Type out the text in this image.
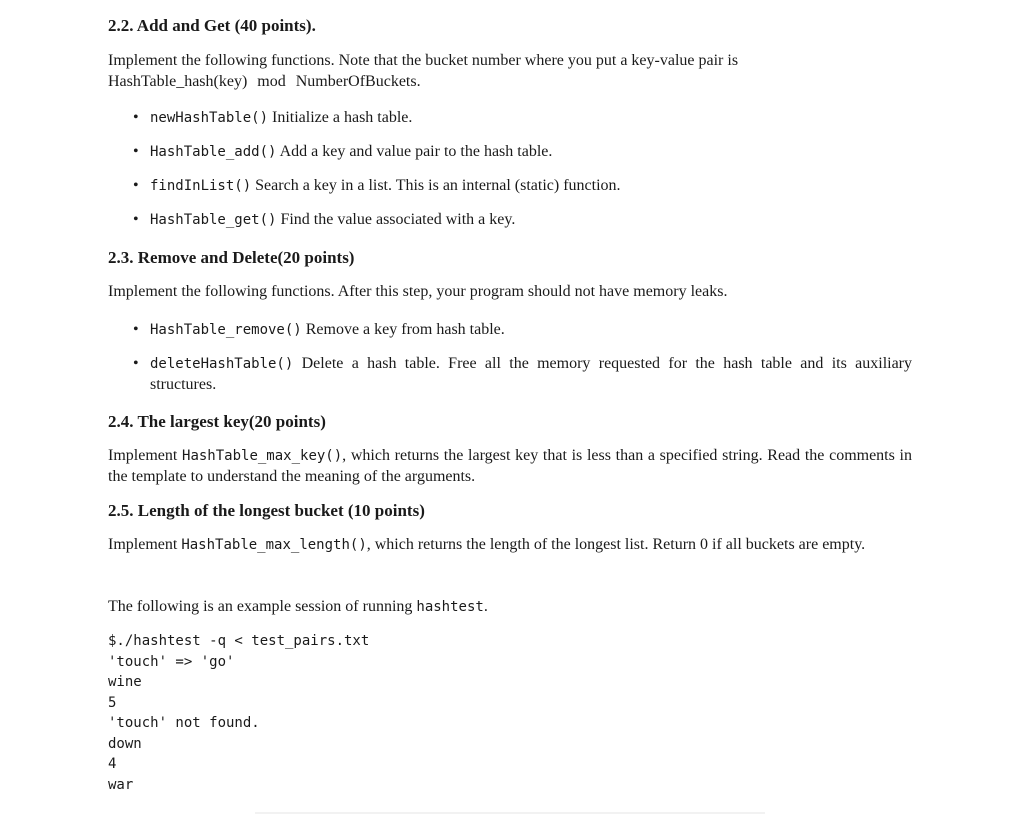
2.2. Add and Get (40 points).
Implement the following functions. Note that the bucket number where you put a key-value pair is
HashTable_hash(key) mod NumberOfBuckets.
• newHashTable() Initialize a hash table.
• HashTable_add() Add a key and value pair to the hash table.
• findInList() Search a key in a list. This is an internal (static) function.
• HashTable_get() Find the value associated with a key.
2.3. Remove and Delete(20 points)
Implement the following functions. After this step, your program should not have memory leaks.
• HashTable_remove() Remove a key from hash table.
• deleteHashTable() Delete a hash table. Free all the memory requested for the hash table and its auxiliary structures.
2.4. The largest key(20 points)
Implement HashTable_max_key(), which returns the largest key that is less than a specified string. Read the comments in the template to understand the meaning of the arguments.
2.5. Length of the longest bucket (10 points)
Implement HashTable_max_length(), which returns the length of the longest list. Return 0 if all buckets are empty.
The following is an example session of running hashtest.
$./hashtest -q < test_pairs.txt
'touch' => 'go'
wine
5
'touch' not found.
down
4
war
